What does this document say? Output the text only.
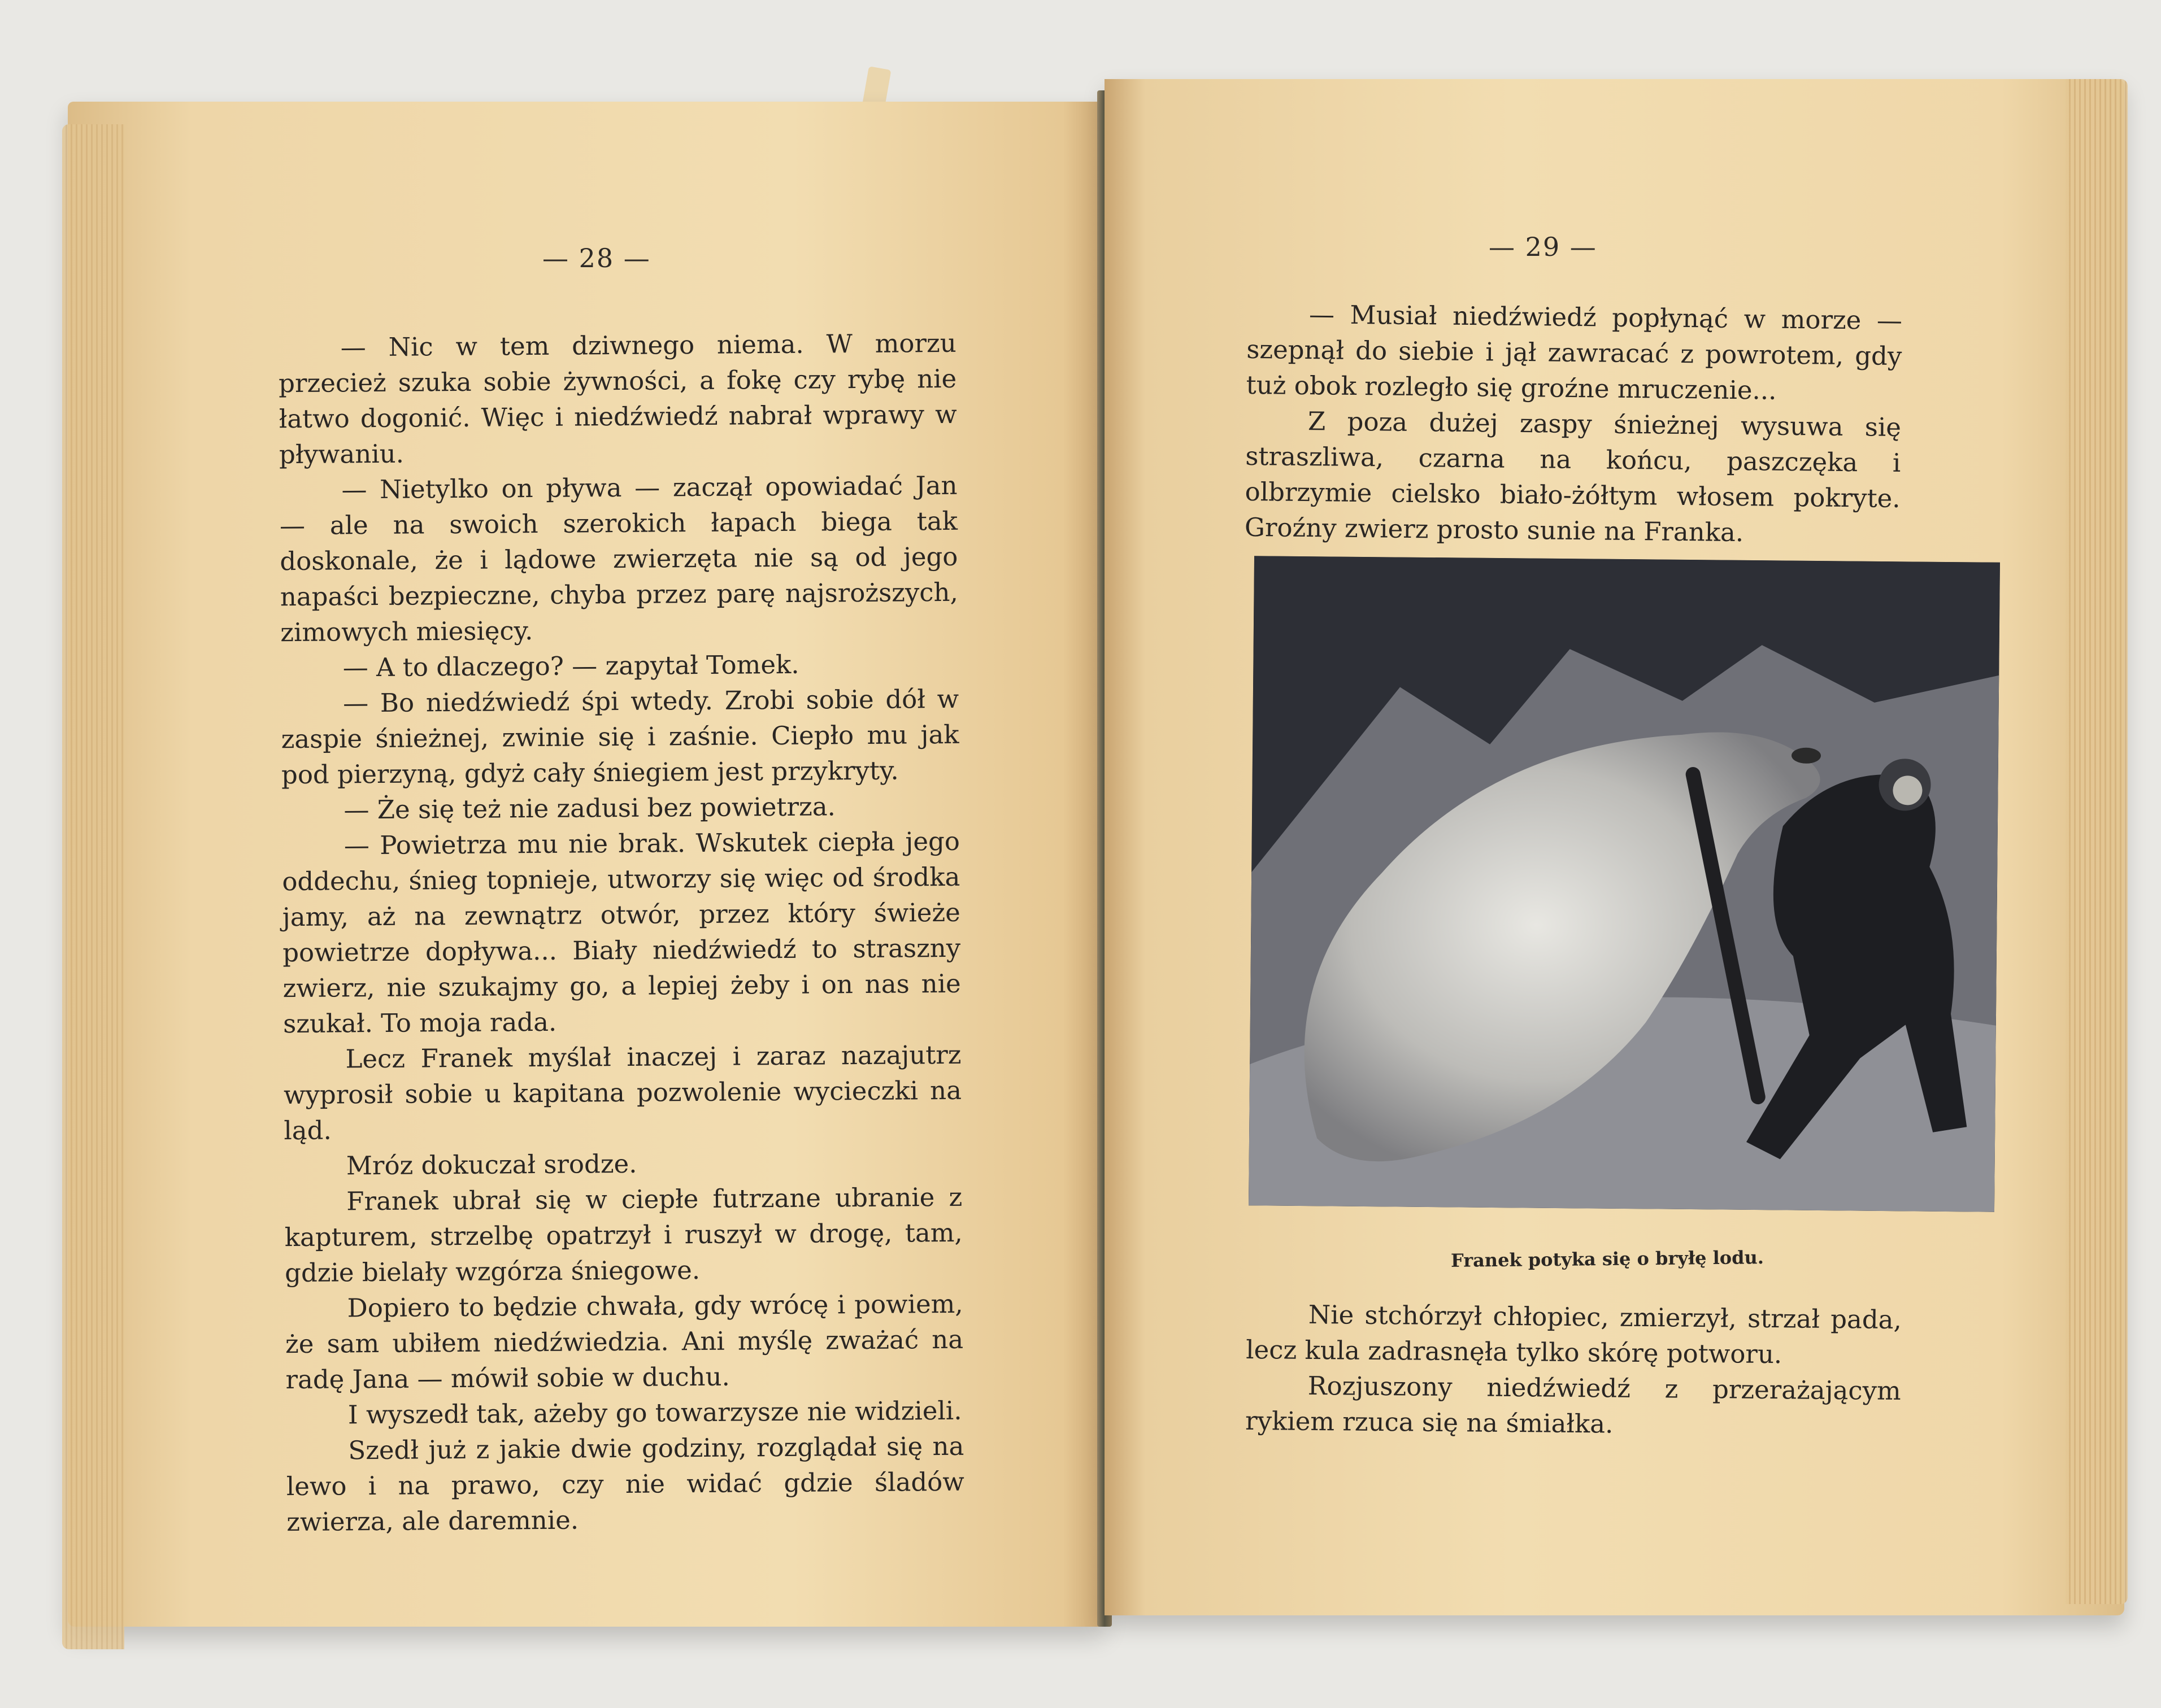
— 28 —

— Nic w tem dziwnego niema. W morzu przecież szuka sobie żywności, a fokę czy rybę nie łatwo dogonić. Więc i niedźwiedź nabrał wprawy w pływaniu.

— Nietylko on pływa — zaczął opowiadać Jan — ale na swoich szerokich łapach biega tak doskonale, że i lądowe zwierzęta nie są od jego napaści bezpieczne, chyba przez parę najsroższych, zimowych miesięcy.

— A to dlaczego? — zapytał Tomek.

— Bo niedźwiedź śpi wtedy. Zrobi sobie dół w zaspie śnieżnej, zwinie się i zaśnie. Ciepło mu jak pod pierzyną, gdyż cały śniegiem jest przykryty.

— Że się też nie zadusi bez powietrza.

— Powietrza mu nie brak. Wskutek ciepła jego oddechu, śnieg topnieje, utworzy się więc od środka jamy, aż na zewnątrz otwór, przez który świeże powietrze dopływa... Biały niedźwiedź to straszny zwierz, nie szukajmy go, a lepiej żeby i on nas nie szukał. To moja rada.

Lecz Franek myślał inaczej i zaraz nazajutrz wyprosił sobie u kapitana pozwolenie wycieczki na ląd.

Mróz dokuczał srodze.

Franek ubrał się w ciepłe futrzane ubranie z kapturem, strzelbę opatrzył i ruszył w drogę, tam, gdzie bielały wzgórza śniegowe.

Dopiero to będzie chwała, gdy wrócę i powiem, że sam ubiłem niedźwiedzia. Ani myślę zważać na radę Jana — mówił sobie w duchu.

I wyszedł tak, ażeby go towarzysze nie widzieli.

Szedł już z jakie dwie godziny, rozglądał się na lewo i na prawo, czy nie widać gdzie śladów zwierza, ale daremnie.

— 29 —

— Musiał niedźwiedź popłynąć w morze — szepnął do siebie i jął zawracać z powrotem, gdy tuż obok rozległo się groźne mruczenie...

Z poza dużej zaspy śnieżnej wysuwa się straszliwa, czarna na końcu, paszczęka i olbrzymie cielsko biało-żółtym włosem pokryte. Groźny zwierz prosto sunie na Franka.

Franek potyka się o bryłę lodu.

Nie stchórzył chłopiec, zmierzył, strzał pada, lecz kula zadrasnęła tylko skórę potworu.

Rozjuszony niedźwiedź z przerażającym rykiem rzuca się na śmiałka.
